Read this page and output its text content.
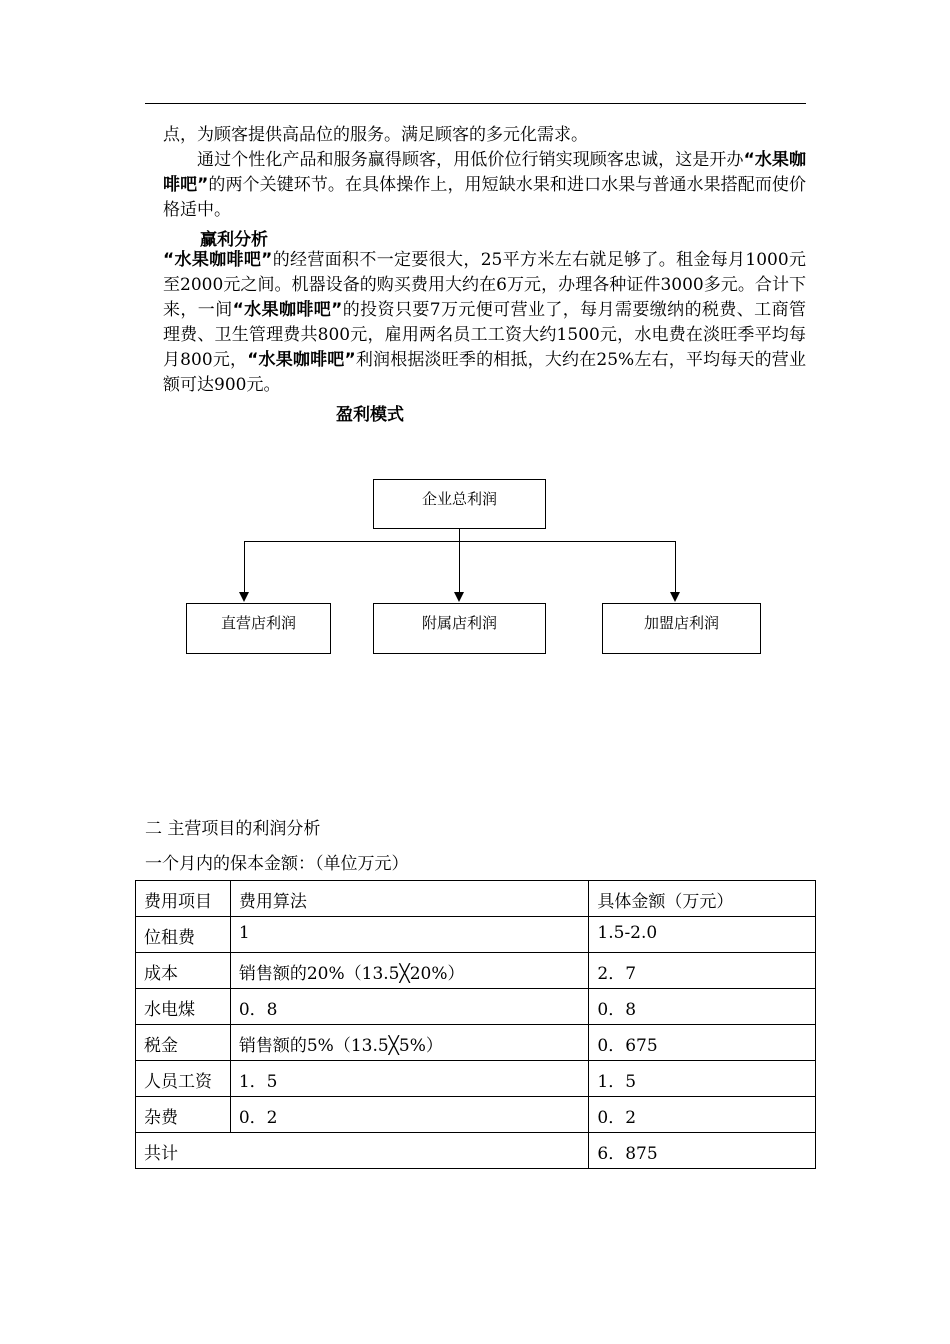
点，为顾客提供高品位的服务。满足顾客的多元化需求。

通过个性化产品和服务赢得顾客，用低价位行销实现顾客忠诚，这是开办“水果咖啡吧”的两个关键环节。在具体操作上，用短缺水果和进口水果与普通水果搭配而使价格适中。

赢利分析

“水果咖啡吧”的经营面积不一定要很大，25平方米左右就足够了。租金每月1000元至2000元之间。机器设备的购买费用大约在6万元，办理各种证件3000多元。合计下来，一间“水果咖啡吧”的投资只要7万元便可营业了，每月需要缴纳的税费、工商管理费、卫生管理费共800元，雇用两名员工工资大约1500元，水电费在淡旺季平均每月800元，“水果咖啡吧”利润根据淡旺季的相抵，大约在25%左右，平均每天的营业额可达900元。

盈利模式
企业总利润
直营店利润	附属店利润	加盟店利润
二 主营项目的利润分析
一个月内的保本金额：（单位万元）
费用项目	费用算法	具体金额（万元）
位租费	1	1.5-2.0
成本	销售额的20%（13.5╳20%）	2．7
水电煤	0．8	0．8
税金	销售额的5%（13.5╳5%）	0．675
人员工资	1．5	1．5
杂费	0．2	0．2
共计		6．875
